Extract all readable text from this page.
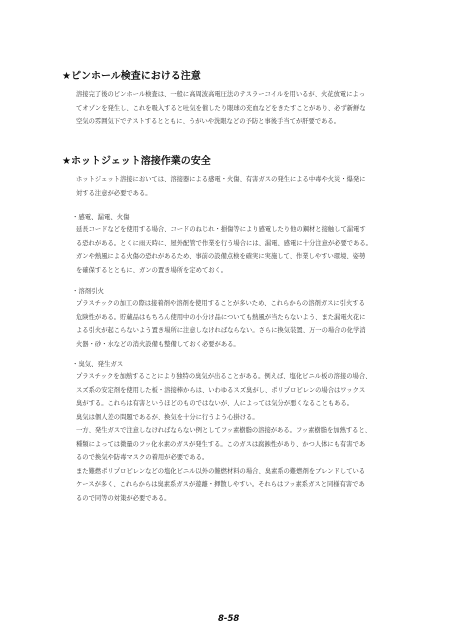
★ピンホール検査における注意
溶接完了後のピンホール検査は、一般に高周波高電圧法のテスラーコイルを用いるが、火花放電によっ
てオゾンを発生し、これを吸入すると吐気を催したり眼球の充血などをきたすことがあり、必ず新鮮な
空気の雰囲気下でテストするとともに、うがいや洗眼などの予防と事後手当てが肝要である。
★ホットジェット溶接作業の安全
ホットジェット溶接においては、溶接器による感電・火傷、有害ガスの発生による中毒や火災・爆発に
対する注意が必要である。
・感電、漏電、火傷
延長コードなどを使用する場合、コードのねじれ・損傷等により感電したり他の鋼材と接触して漏電す
る恐れがある。とくに雨天時に、屋外配管で作業を行う場合には、漏電、感電に十分注意が必要である。
ガンや熱風による火傷の恐れがあるため、事前の設備点検を確実に実施して、作業しやすい環境、姿勢
を確保するとともに、ガンの置き場所を定めておく。
・溶剤引火
プラスチックの加工の際は接着剤や溶剤を使用することが多いため、これらからの溶剤ガスに引火する
危険性がある。貯蔵品はもちろん使用中の小分け品についても熱風が当たらないよう、また漏電火花に
よる引火が起こらないよう置き場所に注意しなければならない。さらに換気装置、万一の場合の化学消
火器・砂・水などの消火設備も整備しておく必要がある。
・臭気、発生ガス
プラスチックを加熱することにより独特の臭気が出ることがある。例えば、塩化ビニル板の溶接の場合、
スズ系の安定剤を使用した板・溶接棒からは、いわゆるスズ臭がし、ポリプロピレンの場合はワックス
臭がする。これらは有害というほどのものではないが、人によっては気分が悪くなることもある。
臭気は個人差の問題であるが、換気を十分に行うよう心掛ける。
一方、発生ガスで注意しなければならない例としてフッ素樹脂の溶接がある。フッ素樹脂を加熱すると、
種類によっては微量のフッ化水素のガスが発生する。このガスは腐蝕性があり、かつ人体にも有害であ
るので換気や防毒マスクの着用が必要である。
また難燃ポリプロピレンなどの塩化ビニル以外の難燃材料の場合、臭素系の難燃剤をブレンドしている
ケースが多く、これらからは臭素系ガスが遊離・揮散しやすい。それらはフッ素系ガスと同様有害であ
るので同等の対策が必要である。
8-58
